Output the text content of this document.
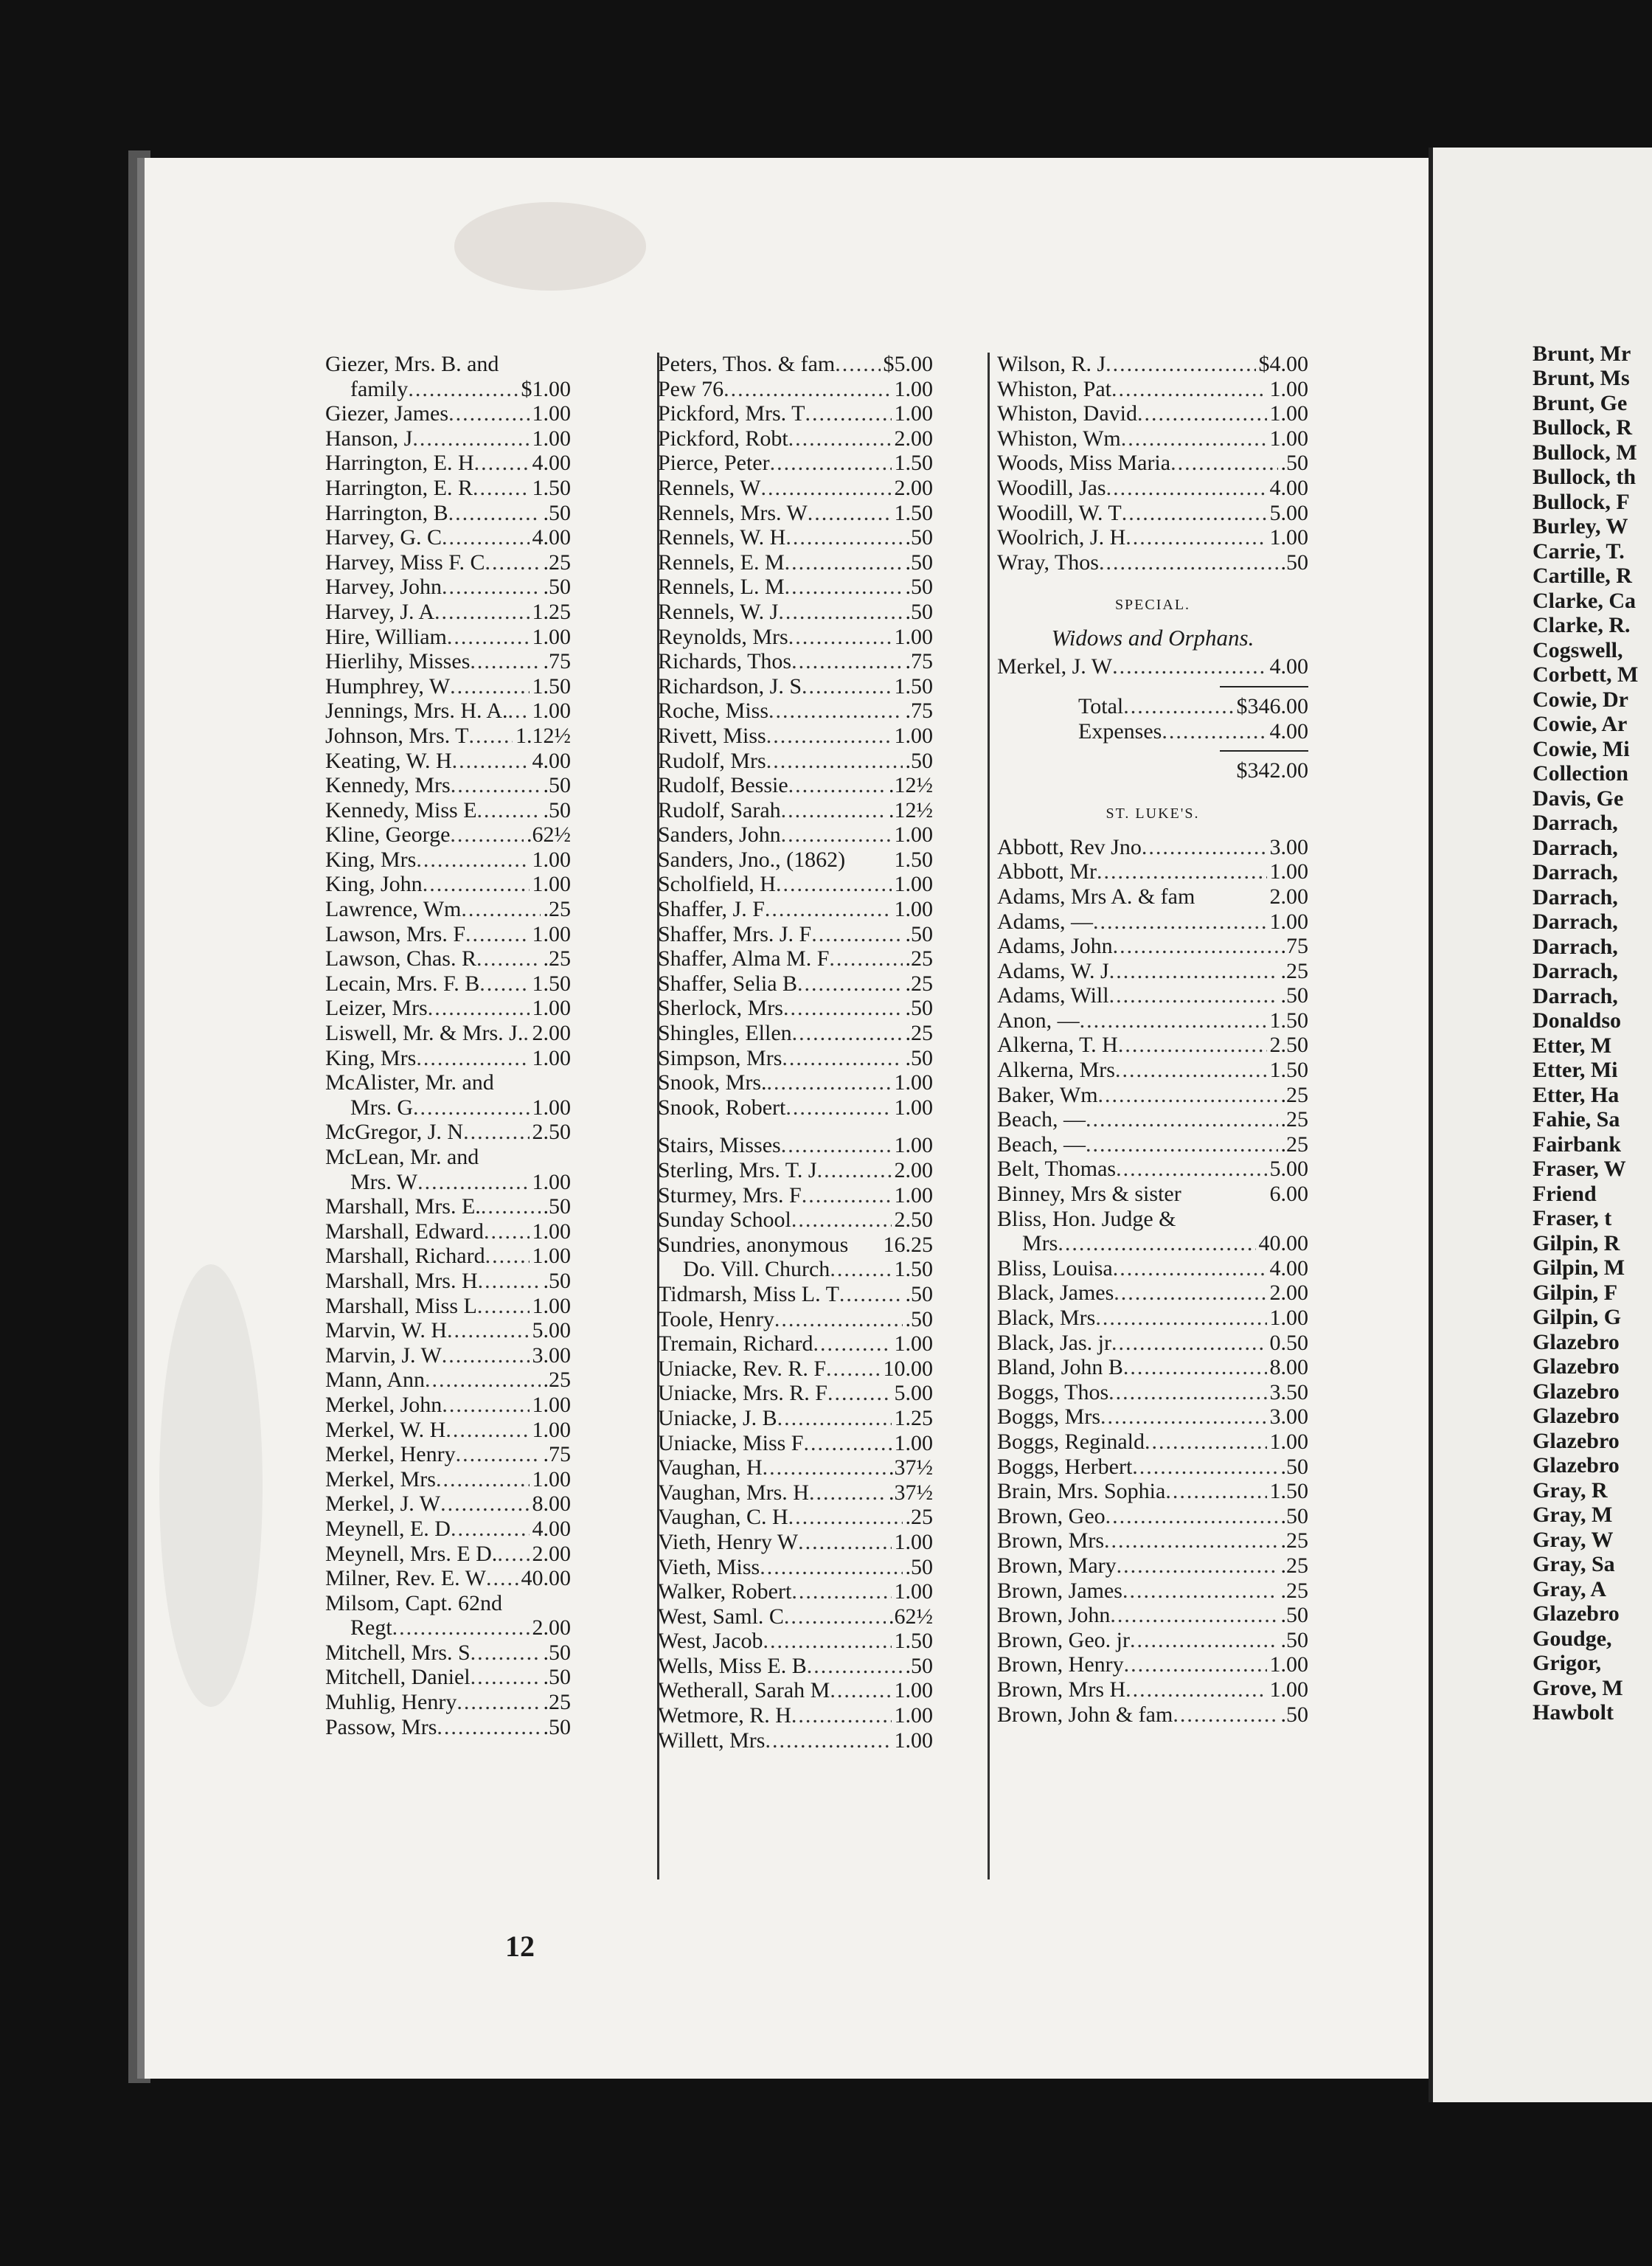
Giezer, Mrs. B. and
family .....	$1.00
Giezer, James .....	1.00
Hanson, J .....	1.00
Harrington, E. H .....	4.00
Harrington, E. R .....	1.50
Harrington, B .....	.50
Harvey, G. C .....	4.00
Harvey, Miss F. C .....	.25
Harvey, John .....	.50
Harvey, J. A .....	1.25
Hire, William .....	1.00
Hierlihy, Misses .....	.75
Humphrey, W .....	1.50
Jennings, Mrs. H. A. ..... 1.00
Johnson, Mrs. T ..... 1.12½
Keating, W. H .....	4.00
Kennedy, Mrs .....	.50
Kennedy, Miss E .....	.50
Kline, George .....	.62½
King, Mrs .....	1.00
King, John .....	1.00
Lawrence, Wm .....	.25
Lawson, Mrs. F .....	1.00
Lawson, Chas. R .....	.25
Lecain, Mrs. F. B ..... 1.50
Leizer, Mrs .....	1.00
Liswell, Mr. & Mrs. J. ..... 2.00
King, Mrs .....	1.00
McAlister, Mr. and
Mrs. G .....	1.00
McGregor, J. N .....	2.50
McLean, Mr. and
Mrs. W .....	1.00
Marshall, Mrs. E. .....	.50
Marshall, Edward ..... 1.00
Marshall, Richard ..... 1.00
Marshall, Mrs. H .....	.50
Marshall, Miss L ..... 1.00
Marvin, W. H .....	5.00
Marvin, J. W .....	3.00
Mann, Ann .....	.25
Merkel, John .....	1.00
Merkel, W. H .....	1.00
Merkel, Henry .....	.75
Merkel, Mrs .....	1.00
Merkel, J. W .....	8.00
Meynell, E. D .....	4.00
Meynell, Mrs. E D. ..... 2.00
Milner, Rev. E. W ..... 40.00
Milsom, Capt. 62nd
Regt .....	2.00
Mitchell, Mrs. S .....	.50
Mitchell, Daniel .....	.50
Muhlig, Henry .....	.25
Passow, Mrs .....	.50
Peters, Thos. & fam ..... $5.00
Pew 76 .....	1.00
Pickford, Mrs. T .....	1.00
Pickford, Robt .....	2.00
Pierce, Peter .....	1.50
Rennels, W .....	2.00
Rennels, Mrs. W .....	1.50
Rennels, W. H .....	.50
Rennels, E. M .....	.50
Rennels, L. M .....	.50
Rennels, W. J .....	.50
Reynolds, Mrs .....	1.00
Richards, Thos .....	.75
Richardson, J. S .....	1.50
Roche, Miss .....	.75
Rivett, Miss .....	1.00
Rudolf, Mrs .....	.50
Rudolf, Bessie .....	.12½
Rudolf, Sarah .....	.12½
Sanders, John .....	1.00
Sanders, Jno., (1862) 1.50
Scholfield, H .....	1.00
Shaffer, J. F .....	1.00
Shaffer, Mrs. J. F .....	.50
Shaffer, Alma M. F .....	.25
Shaffer, Selia B .....	.25
Sherlock, Mrs .....	.50
Shingles, Ellen .....	.25
Simpson, Mrs .....	.50
Snook, Mrs. .....	1.00
Snook, Robert .....	1.00
Stairs, Misses .....	1.00
Sterling, Mrs. T. J .....	2.00
Sturmey, Mrs. F .....	1.00
Sunday School .....	2.50
Sundries, anonymous 16.25
Do. Vill. Church .....	1.50
Tidmarsh, Miss L. T .....	.50
Toole, Henry .....	.50
Tremain, Richard .....	1.00
Uniacke, Rev. R. F .....	10.00
Uniacke, Mrs. R. F .....	5.00
Uniacke, J. B .....	1.25
Uniacke, Miss F .....	1.00
Vaughan, H .....	.37½
Vaughan, Mrs. H .....	.37½
Vaughan, C. H .....	.25
Vieth, Henry W .....	1.00
Vieth, Miss .....	.50
Walker, Robert .....	1.00
West, Saml. C .....	.62½
West, Jacob .....	1.50
Wells, Miss E. B .....	.50
Wetherall, Sarah M .....	1.00
Wetmore, R. H .....	1.00
Willett, Mrs .....	1.00
Wilson, R. J .....	$4.00
Whiston, Pat .....	1.00
Whiston, David .....	1.00
Whiston, Wm .....	1.00
Woods, Miss Maria .....	.50
Woodill, Jas .....	4.00
Woodill, W. T .....	5.00
Woolrich, J. H .....	1.00
Wray, Thos .....	.50
SPECIAL.
Widows and Orphans.
Merkel, J. W .....	4.00
Total .....	$346.00
Expenses .....	4.00
$342.00
ST. LUKE'S.
Abbott, Rev Jno .....	3.00
Abbott, Mr .....	1.00
Adams, Mrs A. & fam	2.00
Adams, — .....	1.00
Adams, John .....	.75
Adams, W. J .....	.25
Adams, Will .....	.50
Anon, — .....	1.50
Alkerna, T. H .....	2.50
Alkerna, Mrs .....	1.50
Baker, Wm .....	.25
Beach, — .....	.25
Beach, — .....	.25
Belt, Thomas .....	5.00
Binney, Mrs & sister	6.00
Bliss, Hon. Judge &
Mrs .....	40.00
Bliss, Louisa .....	4.00
Black, James .....	2.00
Black, Mrs .....	1.00
Black, Jas. jr .....	0.50
Bland, John B .....	8.00
Boggs, Thos .....	3.50
Boggs, Mrs .....	3.00
Boggs, Reginald .....	1.00
Boggs, Herbert .....	.50
Brain, Mrs. Sophia .....	1.50
Brown, Geo .....	.50
Brown, Mrs .....	.25
Brown, Mary .....	.25
Brown, James .....	.25
Brown, John .....	.50
Brown, Geo. jr .....	.50
Brown, Henry .....	1.00
Brown, Mrs H .....	1.00
Brown, John & fam .....	.50
12
Brunt, Mr
Brunt, Ms
Brunt, Ge
Bullock, R
Bullock, M
Bullock, th
Bullock, F
Burley, W
Carrie, T.
Cartille, R
Clarke, Ca
Clarke, R.
Cogswell,
Corbett, M
Cowie, Dr
Cowie, Ar
Cowie, Mi
Collection
Davis, Ge
Darrach,
Darrach,
Darrach,
Darrach,
Darrach,
Darrach,
Darrach,
Darrach,
Donaldso
Etter, M
Etter, Mi
Etter, Ha
Fahie, Sa
Fairbank
Fraser, W
Friend
Fraser, t
Gilpin, R
Gilpin, M
Gilpin, F
Gilpin, G
Glazebro
Glazebro
Glazebro
Glazebro
Glazebro
Glazebro
Gray, R
Gray, M
Gray, W
Gray, Sa
Gray, A
Glazebro
Goudge,
Grigor,
Grove, M
Hawbolt
